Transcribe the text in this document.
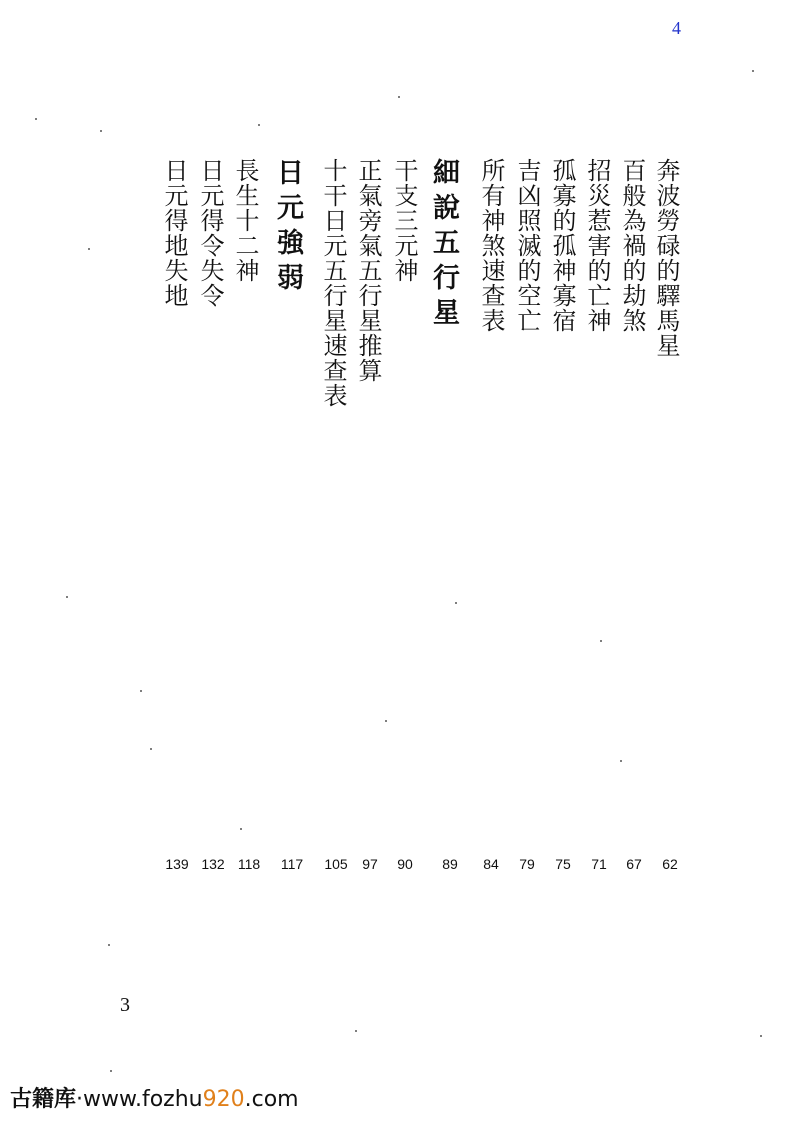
4
奔波勞碌的驛馬星
百般為禍的劫煞
招災惹害的亡神
孤寡的孤神寡宿
吉凶照滅的空亡
所有神煞速查表
細說五行星
干支三元神
正氣旁氣五行星推算
十干日元五行星速查表
日元強弱
長生十二神
日元得令失令
日元得地失地
62
67
71
75
79
84
89
90
97
105
117
118
132
139
3
古籍库·www.fozhu920.com
